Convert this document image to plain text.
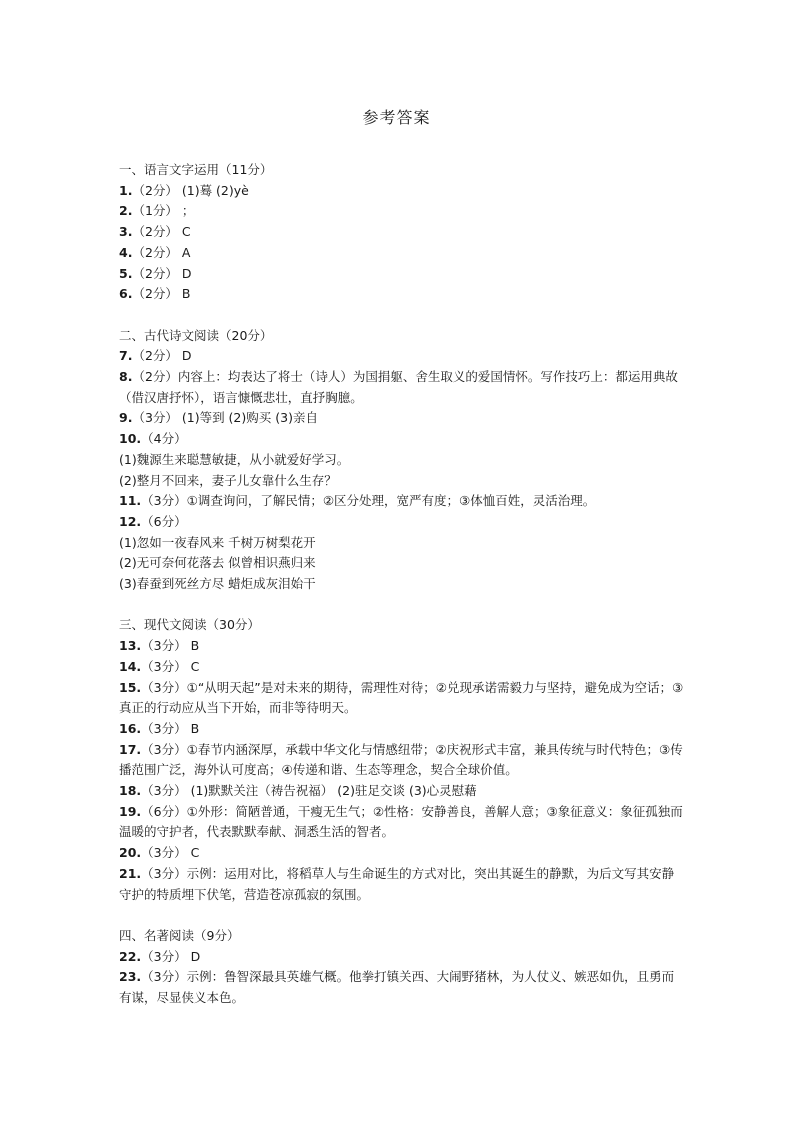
参考答案
一、语言文字运用（11分）
1.（2分） (1)蓦 (2)yè
2.（1分） ；
3.（2分） C
4.（2分） A
5.（2分） D
6.（2分） B
二、古代诗文阅读（20分）
7.（2分） D
8.（2分）内容上：均表达了将士（诗人）为国捐躯、舍生取义的爱国情怀。写作技巧上：都运用典故（借汉唐抒怀），语言慷慨悲壮，直抒胸臆。
9.（3分） (1)等到 (2)购买 (3)亲自
10.（4分）
(1)魏源生来聪慧敏捷，从小就爱好学习。
(2)整月不回来，妻子儿女靠什么生存？
11.（3分）①调查询问，了解民情；②区分处理，宽严有度；③体恤百姓，灵活治理。
12.（6分）
(1)忽如一夜春风来 千树万树梨花开
(2)无可奈何花落去 似曾相识燕归来
(3)春蚕到死丝方尽 蜡炬成灰泪始干
三、现代文阅读（30分）
13.（3分） B
14.（3分） C
15.（3分）①“从明天起”是对未来的期待，需理性对待；②兑现承诺需毅力与坚持，避免成为空话；③真正的行动应从当下开始，而非等待明天。
16.（3分） B
17.（3分）①春节内涵深厚，承载中华文化与情感纽带；②庆祝形式丰富，兼具传统与时代特色；③传播范围广泛，海外认可度高；④传递和谐、生态等理念，契合全球价值。
18.（3分） (1)默默关注（祷告祝福） (2)驻足交谈 (3)心灵慰藉
19.（6分）①外形：简陋普通，干瘦无生气；②性格：安静善良，善解人意；③象征意义：象征孤独而温暖的守护者，代表默默奉献、洞悉生活的智者。
20.（3分） C
21.（3分）示例：运用对比，将稻草人与生命诞生的方式对比，突出其诞生的静默，为后文写其安静守护的特质埋下伏笔，营造苍凉孤寂的氛围。
四、名著阅读（9分）
22.（3分） D
23.（3分）示例：鲁智深最具英雄气概。他拳打镇关西、大闹野猪林，为人仗义、嫉恶如仇，且勇而有谋，尽显侠义本色。
